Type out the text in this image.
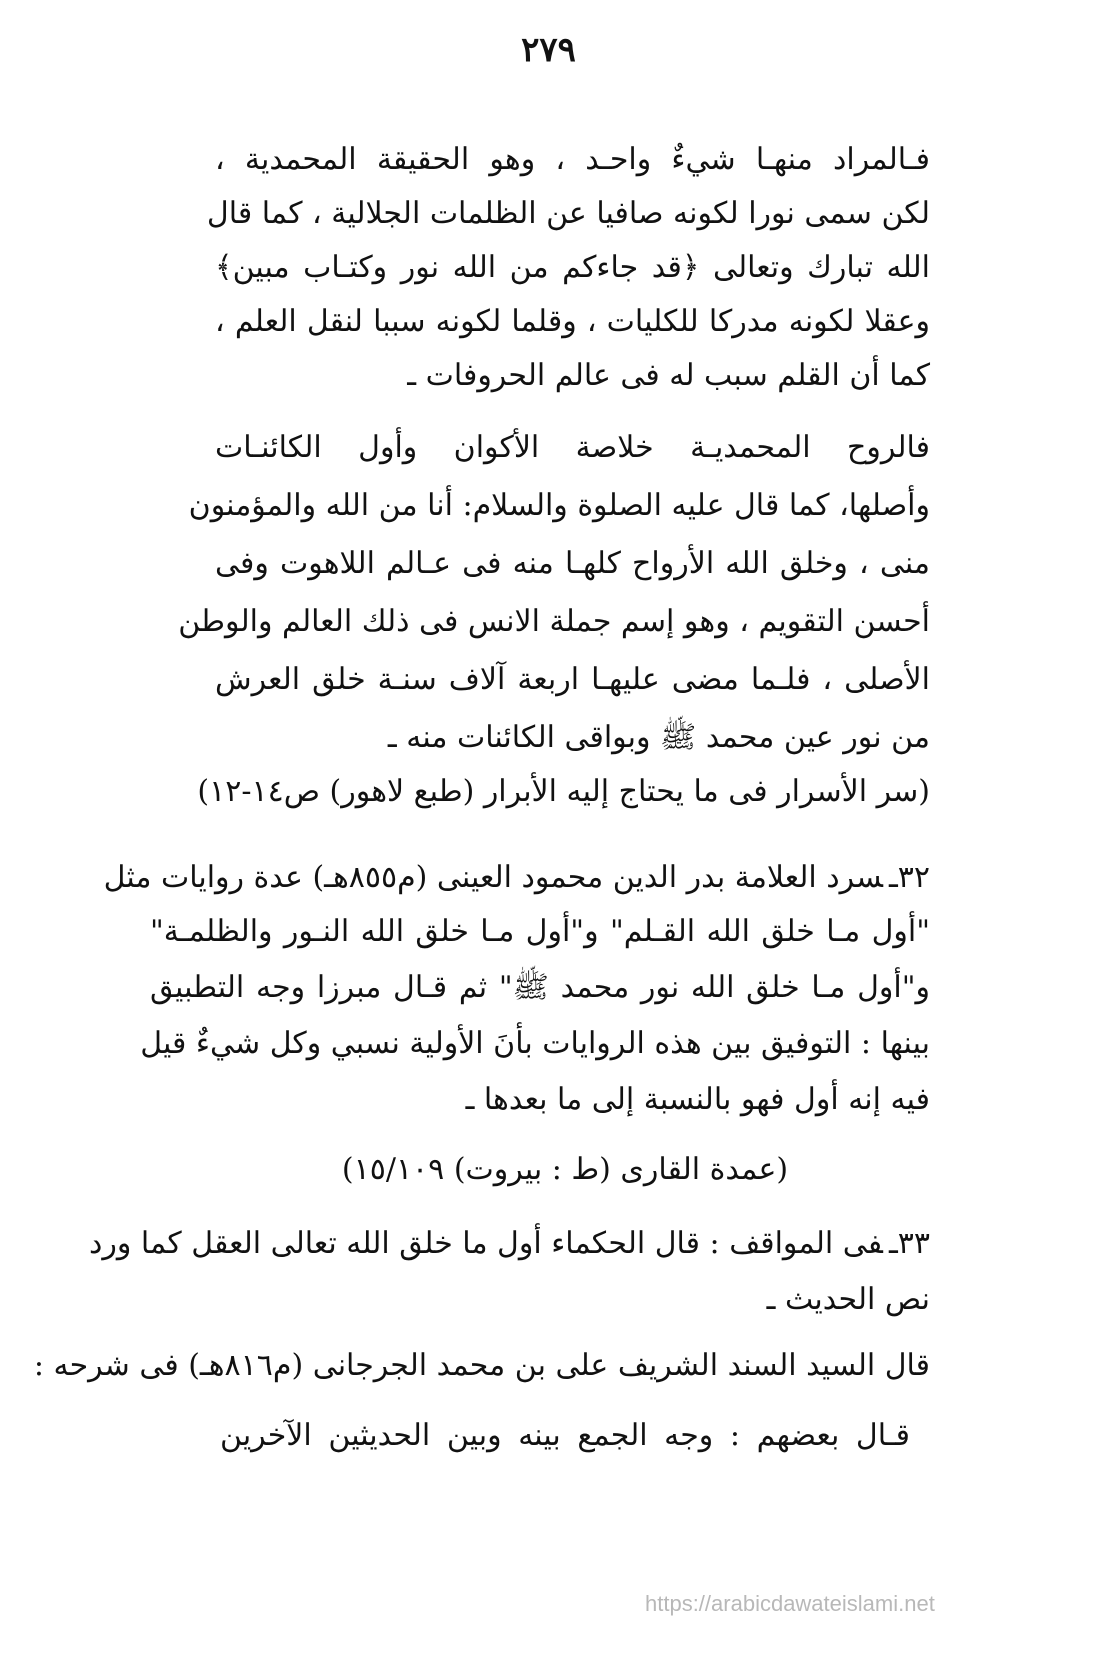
٢٧٩
فـالمراد منهـا شيءٌ واحـد ، وهو الحقيقة المحمدية ،
لكن سمى نورا لكونه صافيا عن الظلمات الجلالية ، كما قال
الله تبارك وتعالى ﴿قد جاءكم من الله نور وكتـاب مبين﴾
وعقلا لكونه مدركا للكليات ، وقلما لكونه سببا لنقل العلم ،
كما أن القلم سبب له فى عالم الحروفات ـ
فالروح المحمديـة خلاصة الأكوان وأول الكائنـات
وأصلها، كما قال عليه الصلوة والسلام: أنا من الله والمؤمنون
منى ، وخلق الله الأرواح كلهـا منه فى عـالم اللاهوت وفى
أحسن التقويم ، وهو إسم جملة الانس فى ذلك العالم والوطن
الأصلى ، فلـما مضى عليهـا اربعة آلاف سنـة خلق العرش
من نور عين محمد ﷺ وبواقى الكائنات منه ـ
(سر الأسرار فى ما يحتاج إليه الأبرار (طبع لاهور) ص١٤-١٢)
٣٢ـسرد العلامة بدر الدين محمود العينى (م٨٥٥هـ) عدة روايات مثل
"أول مـا خلق الله القـلم" و"أول مـا خلق الله النـور والظلمـة"
و"أول مـا خلق الله نور محمد ﷺ" ثم قـال مبرزا وجه التطبيق
بينها : التوفيق بين هذه الروايات بأنَ الأولية نسبي وكل شيءٌ قيل
فيه إنه أول فهو بالنسبة إلى ما بعدها ـ
(عمدة القارى (ط : بيروت) ١٥/١٠٩)
٣٣ـفى المواقف : قال الحكماء أول ما خلق الله تعالى العقل كما ورد
نص الحديث ـ
قال السيد السند الشريف على بن محمد الجرجانى (م٨١٦هـ) فى شرحه :
قـال بعضهم : وجه الجمع بينه وبين الحديثين الآخرين
https://arabicdawateislami.net
